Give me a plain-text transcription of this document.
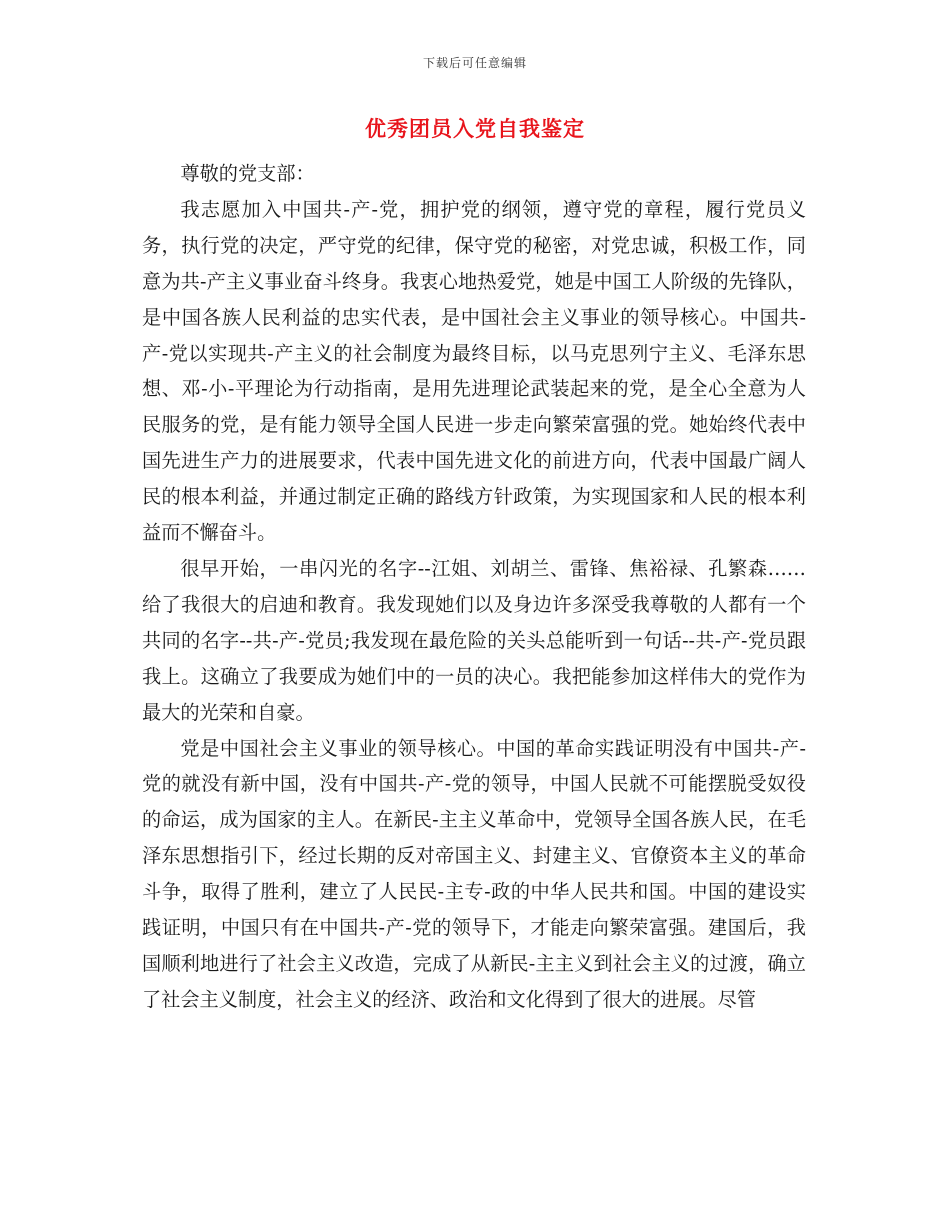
下载后可任意编辑
优秀团员入党自我鉴定

尊敬的党支部：

我志愿加入中国共-产-党，拥护党的纲领，遵守党的章程，履行党员义务，执行党的决定，严守党的纪律，保守党的秘密，对党忠诚，积极工作，同意为共-产主义事业奋斗终身。我衷心地热爱党，她是中国工人阶级的先锋队，是中国各族人民利益的忠实代表，是中国社会主义事业的领导核心。中国共-产-党以实现共-产主义的社会制度为最终目标，以马克思列宁主义、毛泽东思想、邓-小-平理论为行动指南，是用先进理论武装起来的党，是全心全意为人民服务的党，是有能力领导全国人民进一步走向繁荣富强的党。她始终代表中国先进生产力的进展要求，代表中国先进文化的前进方向，代表中国最广阔人民的根本利益，并通过制定正确的路线方针政策，为实现国家和人民的根本利益而不懈奋斗。

很早开始，一串闪光的名字--江姐、刘胡兰、雷锋、焦裕禄、孔繁森……给了我很大的启迪和教育。我发现她们以及身边许多深受我尊敬的人都有一个共同的名字--共-产-党员;我发现在最危险的关头总能听到一句话--共-产-党员跟我上。这确立了我要成为她们中的一员的决心。我把能参加这样伟大的党作为最大的光荣和自豪。

党是中国社会主义事业的领导核心。中国的革命实践证明没有中国共-产-党的就没有新中国，没有中国共-产-党的领导，中国人民就不可能摆脱受奴役的命运，成为国家的主人。在新民-主主义革命中，党领导全国各族人民，在毛泽东思想指引下，经过长期的反对帝国主义、封建主义、官僚资本主义的革命斗争，取得了胜利，建立了人民民-主专-政的中华人民共和国。中国的建设实践证明，中国只有在中国共-产-党的领导下，才能走向繁荣富强。建国后，我国顺利地进行了社会主义改造，完成了从新民-主主义到社会主义的过渡，确立了社会主义制度，社会主义的经济、政治和文化得到了很大的进展。尽管
